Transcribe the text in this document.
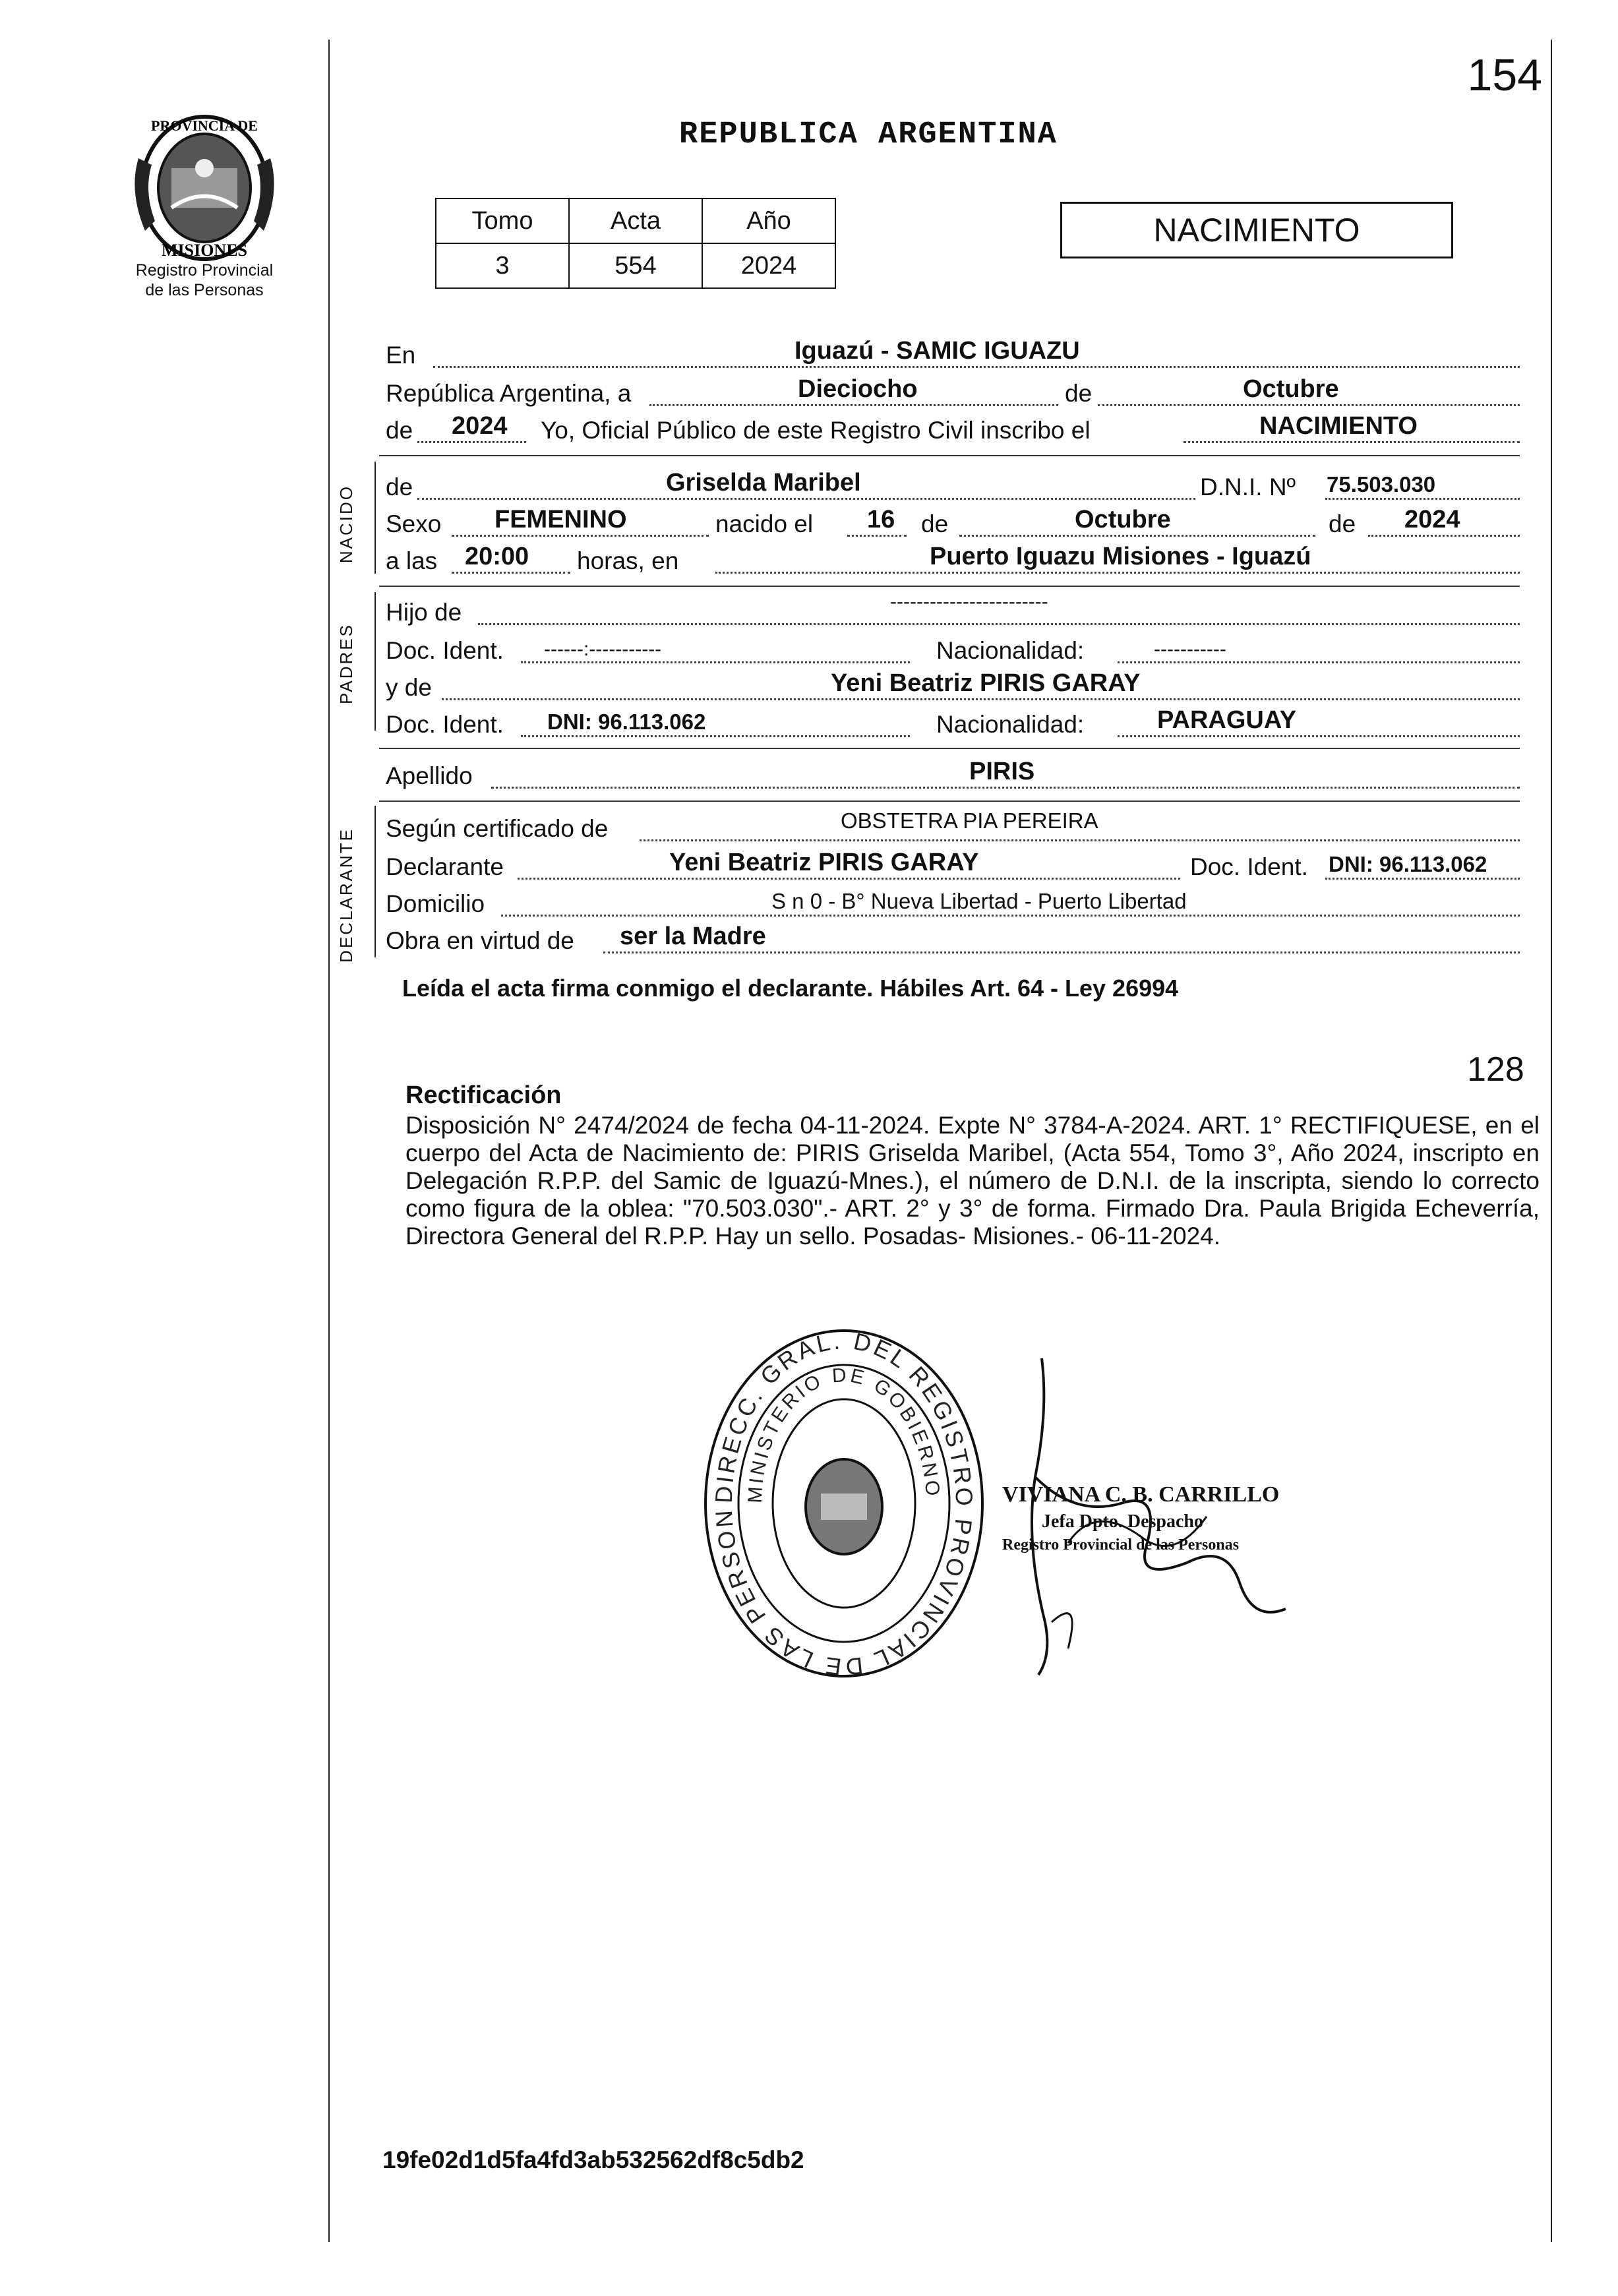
PROVINCIA DE
MISIONES
Registro Provincial
de las Personas
154
REPUBLICA ARGENTINA
Tomo	Acta	Año
3	554	2024
NACIMIENTO
En	Iguazú - SAMIC IGUAZU
República Argentina, a	Dieciocho	de	Octubre
de 2024 Yo, Oficial Público de este Registro Civil inscribo el	NACIMIENTO
NACIDO de	Griselda Maribel	D.N.I. Nº 75.503.030
Sexo FEMENINO	nacido el 16 de	Octubre	de 2024
a las 20:00 horas, en	Puerto Iguazu Misiones - Iguazú
PADRES
Hijo de	------------------------
Doc. Ident. ------:-----------	Nacionalidad:	-----------
y de	Yeni Beatriz PIRIS GARAY
Doc. Ident. DNI: 96.113.062	Nacionalidad:	PARAGUAY
Apellido	PIRIS
DECLARANTE Según certificado de	OBSTETRA PIA PEREIRA
Declarante	Yeni Beatriz PIRIS GARAY	Doc. Ident. DNI: 96.113.062
Domicilio	S n 0 - B° Nueva Libertad - Puerto Libertad
Obra en virtud de ser la Madre
Leída el acta firma conmigo el declarante. Hábiles Art. 64 - Ley 26994
128
Rectificación
Disposición N° 2474/2024 de fecha 04-11-2024. Expte N° 3784-A-2024. ART. 1° RECTIFIQUESE, en el cuerpo del Acta de Nacimiento de: PIRIS Griselda Maribel, (Acta 554, Tomo 3°, Año 2024, inscripto en Delegación R.P.P. del Samic de Iguazú-Mnes.), el número de D.N.I. de la inscripta, siendo lo correcto como figura de la oblea: "70.503.030".- ART. 2° y 3° de forma. Firmado Dra. Paula Brigida Echeverría, Directora General del R.P.P. Hay un sello. Posadas- Misiones.- 06-11-2024.
DIRECC. GRAL. DEL REGISTRO PROVINCIAL DE LAS PERSON
MINISTERIO DE GOBIERNO	VIVIANA C. B. CARRILLO
Jefa Dpto. Despacho
Registro Provincial de las Personas
19fe02d1d5fa4fd3ab532562df8c5db2
